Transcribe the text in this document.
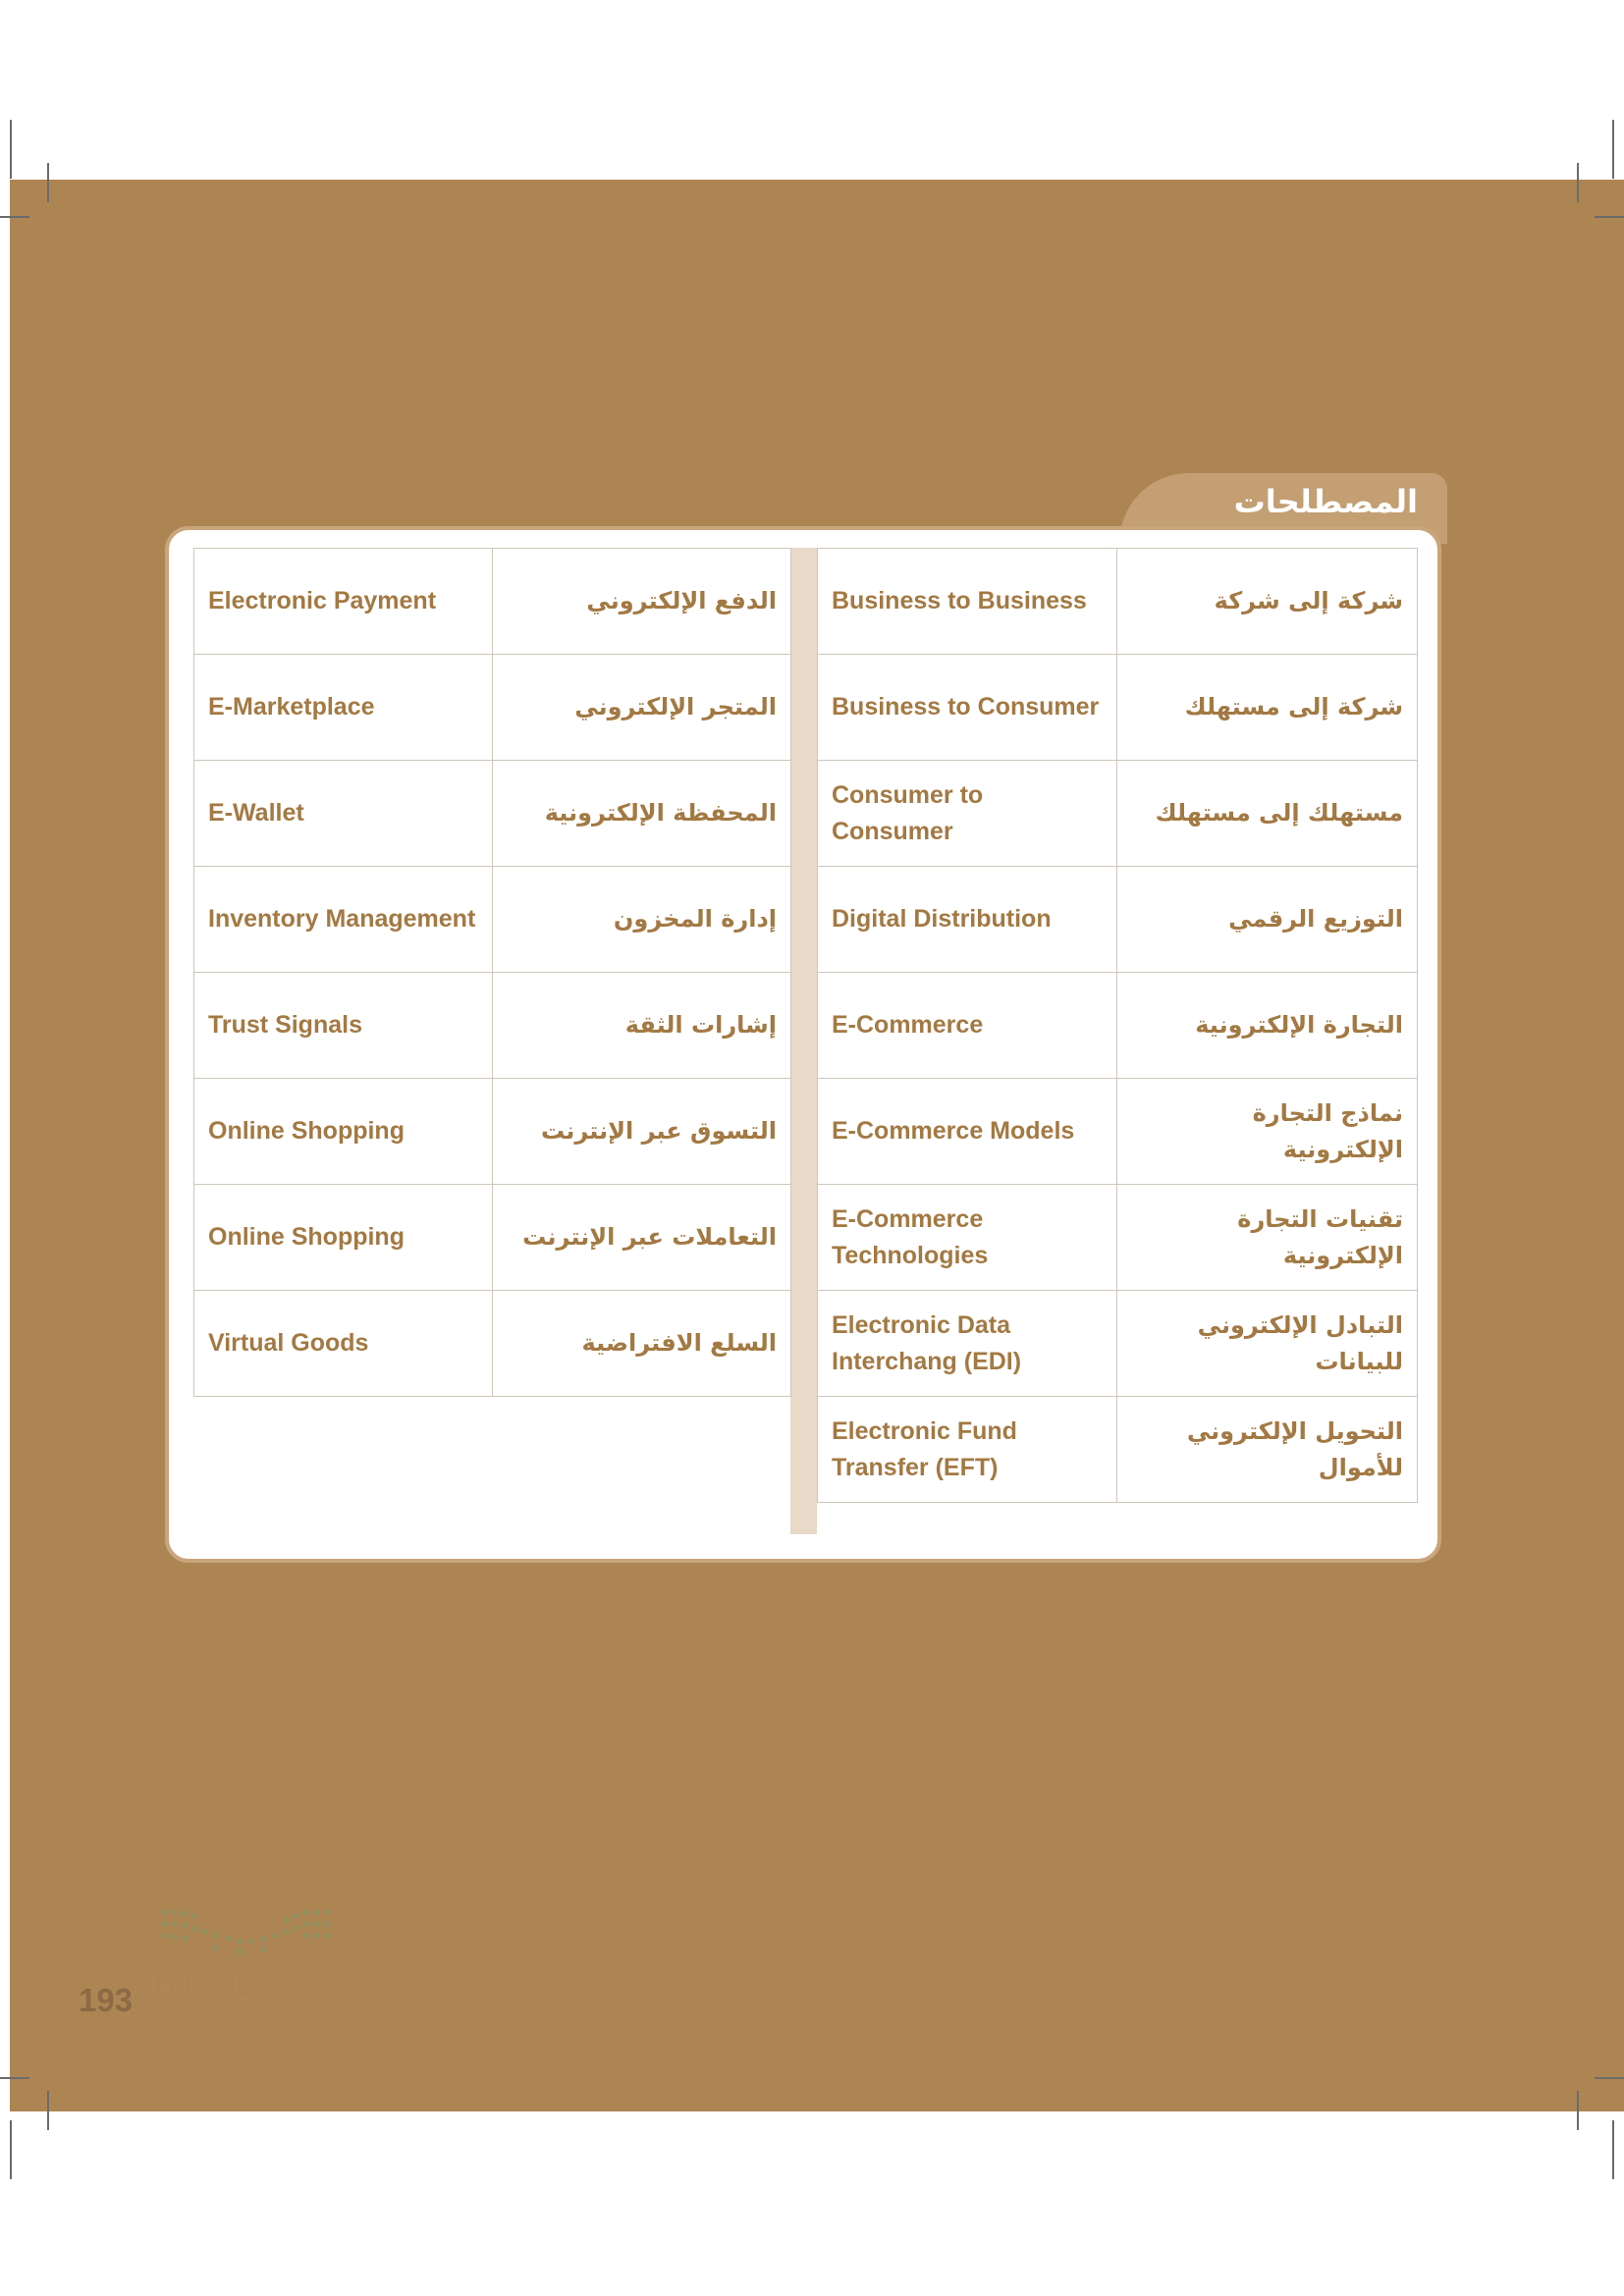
المصطلحات
Electronic Payment	الدفع الإلكتروني
E-Marketplace	المتجر الإلكتروني
E-Wallet	المحفظة الإلكترونية
Inventory Management	إدارة المخزون
Trust Signals	إشارات الثقة
Online Shopping	التسوق عبر الإنترنت
Online Shopping	التعاملات عبر الإنترنت
Virtual Goods	السلع الافتراضية
Business to Business	شركة إلى شركة
Business to Consumer	شركة إلى مستهلك
Consumer to Consumer	مستهلك إلى مستهلك
Digital Distribution	التوزيع الرقمي
E-Commerce	التجارة الإلكترونية
E-Commerce Models	نماذج التجارة الإلكترونية
E-Commerce Technologies	تقنيات التجارة الإلكترونية
Electronic Data Interchang (EDI)	التبادل الإلكتروني للبيانات
Electronic Fund Transfer (EFT)	التحويل الإلكتروني للأموال
وزارة التعليم
Ministry of Education
2024 - 1446
193
